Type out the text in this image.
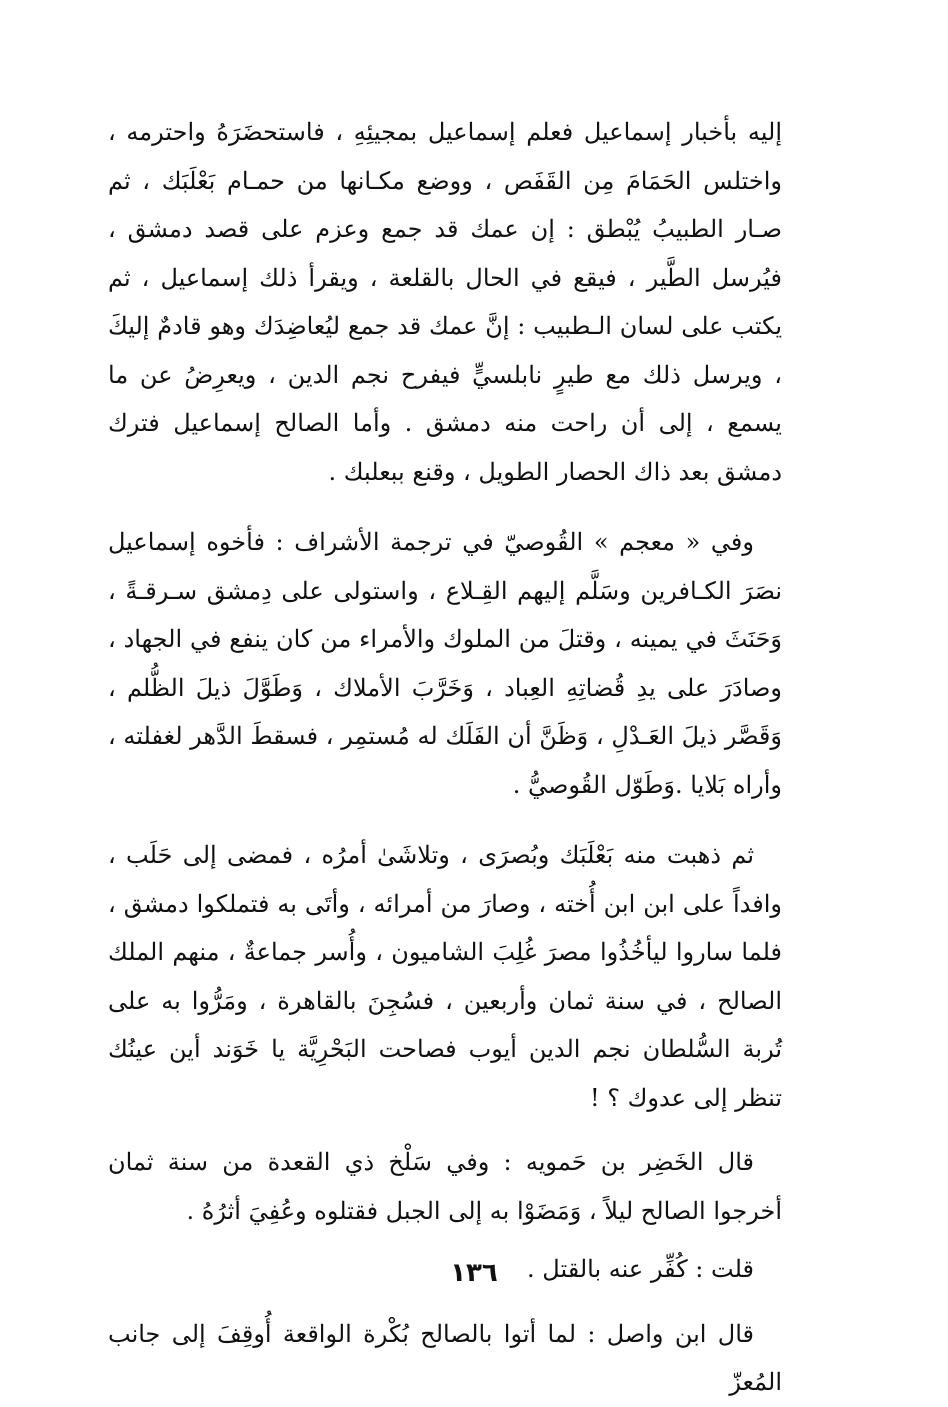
إليه بأخبار إسماعيل فعلم إسماعيل بمجيئِهِ ، فاستحضَرَهُ واحترمه ، واختلس الحَمَامَ مِن القَفَص ، ووضع مكـانها من حمـام بَعْلَبَك ، ثم صـار الطبيبُ يُبْطق : إن عمك قد جمع وعزم على قصد دمشق ، فيُرسل الطَّير ، فيقع في الحال بالقلعة ، ويقرأ ذلك إسماعيل ، ثم يكتب على لسان الـطبيب : إنَّ عمك قد جمع ليُعاضِدَك وهو قادمٌ إليكَ ، ويرسل ذلك مع طيرٍ نابلسيٍّ فيفرح نجم الدين ، ويعرِضُ عن ما يسمع ، إلى أن راحت منه دمشق . وأما الصالح إسماعيل فترك دمشق بعد ذاك الحصار الطويل ، وقنع ببعلبك .

وفي « معجم » القُوصيّ في ترجمة الأشراف : فأخوه إسماعيل نصَرَ الكـافرين وسَلَّم إليهم القِـلاع ، واستولى على دِمشق سـرقـةً ، وَحَنَثَ في يمينه ، وقتلَ من الملوك والأمراء من كان ينفع في الجهاد ، وصادَرَ على يدِ قُضاتِهِ العِباد ، وَخَرَّبَ الأملاك ، وَطَوَّلَ ذيلَ الظُّلم ، وَقَصَّر ذيلَ العَـدْلِ ، وَظَنَّ أن الفَلَك له مُستمِر ، فسقطَ الدَّهر لغفلته ، وأراه بَلايا .وَطَوّل القُوصيُّ .

ثم ذهبت منه بَعْلَبَك وبُصرَى ، وتلاشَىٰ أمرُه ، فمضى إلى حَلَب ، وافداً على ابن ابن أُخته ، وصارَ من أمرائه ، وأتَى به فتملكوا دمشق ، فلما ساروا ليأخُذُوا مصرَ غُلِبَ الشاميون ، وأُسر جماعةٌ ، منهم الملك الصالح ، في سنة ثمان وأربعين ، فسُجِنَ بالقاهرة ، ومَرُّوا به على تُربة السُّلطان نجم الدين أيوب فصاحت البَحْرِيَّة يا خَوَند أين عينُك تنظر إلى عدوك ؟ !

قال الخَضِر بن حَمويه : وفي سَلْخ ذي القعدة من سنة ثمان أخرجوا الصالح ليلاً ، وَمَضَوْا به إلى الجبل فقتلوه وعُفِيَ أثرُهُ .

قلت : كُفِّر عنه بالقتل .

قال ابن واصل : لما أتوا بالصالح بُكْرة الواقعة أُوقِفَ إلى جانب المُعزّ

١٣٦
